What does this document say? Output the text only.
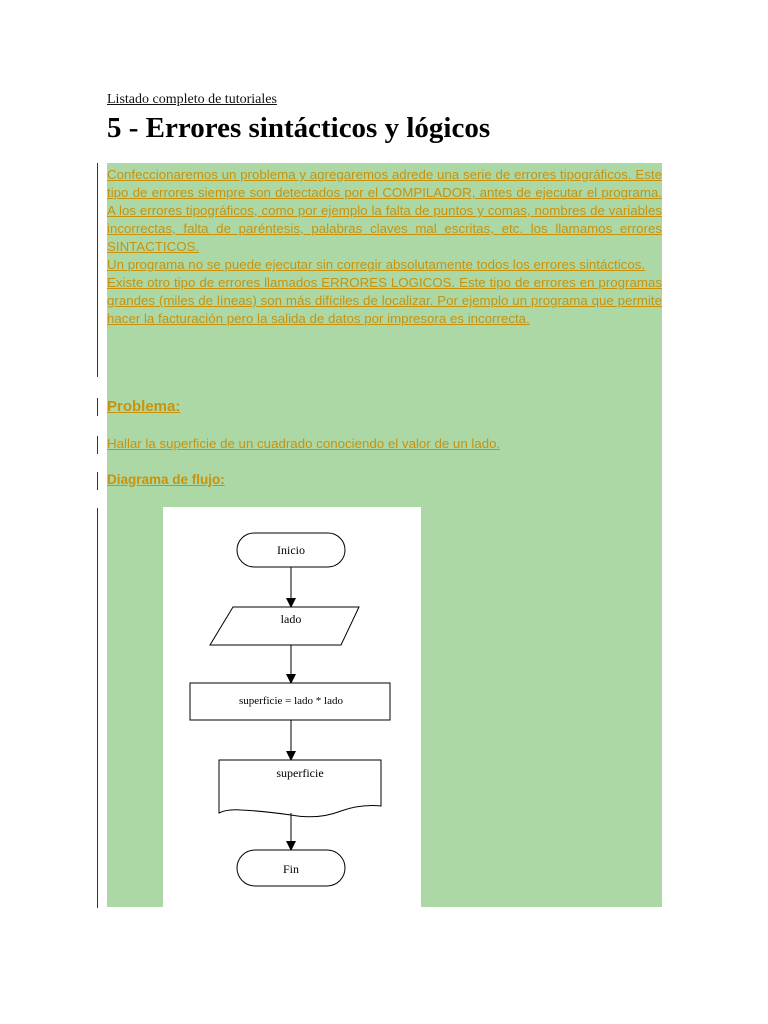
Listado completo de tutoriales
5 - Errores sintácticos y lógicos

Confeccionaremos un problema y agregaremos adrede una serie de errores tipográficos. Este tipo de errores siempre son detectados por el COMPILADOR, antes de ejecutar el programa.

A los errores tipográficos, como por ejemplo la falta de puntos y comas, nombres de variables incorrectas, falta de paréntesis, palabras claves mal escritas, etc. los llamamos errores SINTACTICOS.

Un programa no se puede ejecutar sin corregir absolutamente todos los errores sintácticos.

Existe otro tipo de errores llamados ERRORES LOGICOS. Este tipo de errores en programas grandes (miles de líneas) son más difíciles de localizar. Por ejemplo un programa que permite hacer la facturación pero la salida de datos por impresora es incorrecta.

Problema:
Hallar la superficie de un cuadrado conociendo el valor de un lado.
Diagrama de flujo:
Inicio
lado
superficie = lado * lado
superficie
Fin
